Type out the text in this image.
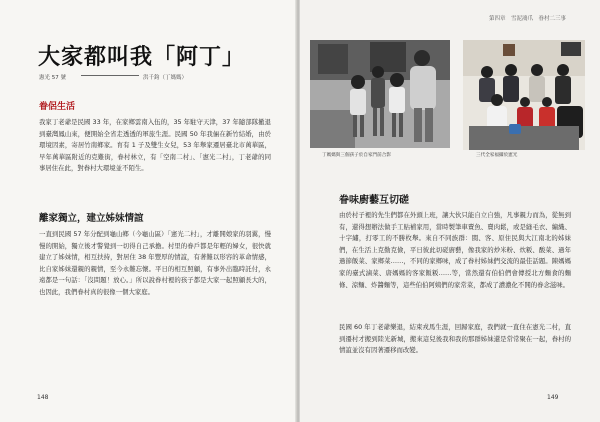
大家都叫我「阿丁」
憲光 57 號	洪千鈞（丁媽媽）
眷侶生活
我家丁老爺是民國 33 年，在家鄉雲南入伍的，35 年駐守天津，37 年隨部隊撤退到臺灣鳳山來，便開始全省走透透的軍旅生涯。民國 50 年我倆在新竹結婚，由於環境因素，寄居竹南鄉家。育有 1 子及雙生女兒，53 年舉家遷居臺北市萬華區，早年萬華區附近的克難街，眷村林立，有「空南二村」、「憲光二村」，丁老爺的同事居住在此，對眷村大環境並不陌生。
離家獨立，建立姊妹情誼
一直到民國 57 年分配到龜山鄉（今龜山區）「憲光二村」，才離開娘家的羽翼，慢慢的開始，獨立後才警覺到一切得自己承擔。村里的眷戶都是年輕的婦女，很快就建立了姊妹情，相互扶持，對居住 38 年豐厚的情誼，有著難以形容的革命情感，比自家姊妹還親的親情，至今永難忘懷。平日的相互照顧，有事外出臨時託付，永遠都是一句話：「沒問題！放心。」所以說眷村裡的孩子都是大家一起照顧長大的，也因此，我們眷村真的很像一個大家庭。
148
第四章　雪泥鴻爪　眷村二三事
丁媽媽與三個孩子於自家門前合影	三代全家福攝於憲光
眷味廚藝互切磋
由於村子裡的先生們都在外頭上班，讓大伙只能自立自強，凡事親力而為，從無到有，還得想辦法做手工貼補家用，當時製筆車賣魚、賣肉鬆，或是縫毛衣、編織、十字繡，打零工的不勝枚舉。來自不同族群：閩、客、原住民與大江南北的姊妹們，在生活上克勤克儉，平日彼此切磋廚藝，像我家的炒米粉、炊粄、酸菜、過年過節飯菜、家鄉菜……，不同的家鄉味，成了眷村姊妹們交流的最佳話題。陳媽媽家的臺式滷菜、唐媽媽的客家飯粄……等，當然還有伯伯們會傳授北方麵食的麵條、涼麵、炸醬麵等，這些伯伯阿姨們的家常菜，都成了濃濃化不開的眷念滋味。
民國 60 年丁老爺樂退，結束戎馬生涯，回歸家庭，我們就一直住在憲光二村，直到遷村才搬到陸光新城，搬來這兒後我和我的那群姊妹還是常常聚在一起，眷村的情誼並沒有因著遷移而改變。
149
